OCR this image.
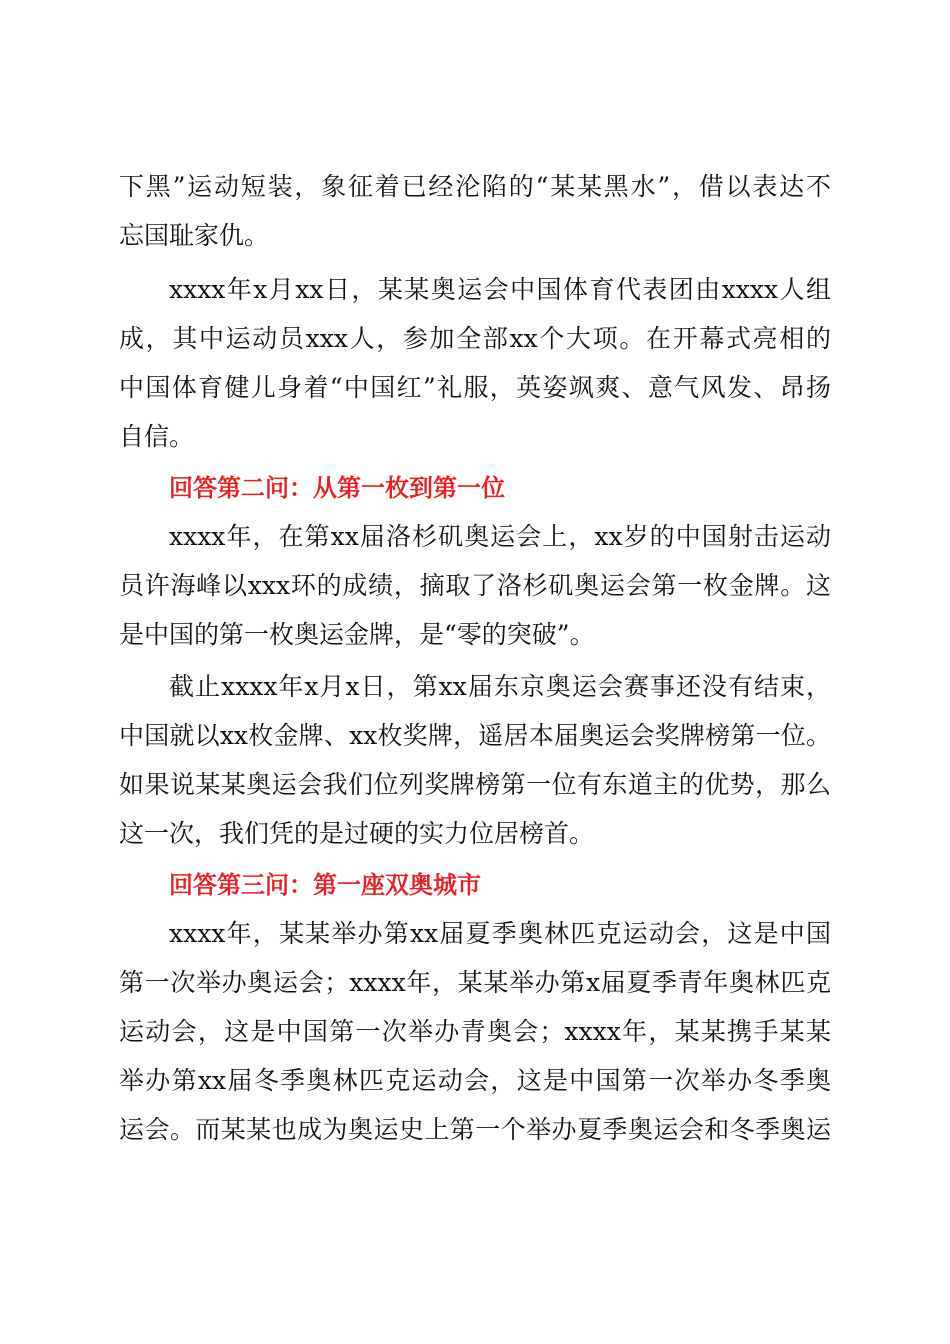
下黑”运动短装，象征着已经沦陷的“某某黑水”，借以表达不
忘国耻家仇。
xxxx年x月xx日，某某奥运会中国体育代表团由xxxx人组
成，其中运动员xxx人，参加全部xx个大项。在开幕式亮相的
中国体育健儿身着“中国红”礼服，英姿飒爽、意气风发、昂扬
自信。
回答第二问：从第一枚到第一位
xxxx年，在第xx届洛杉矶奥运会上，xx岁的中国射击运动
员许海峰以xxx环的成绩，摘取了洛杉矶奥运会第一枚金牌。这
是中国的第一枚奥运金牌，是“零的突破”。
截止xxxx年x月x日，第xx届东京奥运会赛事还没有结束，
中国就以xx枚金牌、xx枚奖牌，遥居本届奥运会奖牌榜第一位。
如果说某某奥运会我们位列奖牌榜第一位有东道主的优势，那么
这一次，我们凭的是过硬的实力位居榜首。
回答第三问：第一座双奥城市
xxxx年，某某举办第xx届夏季奥林匹克运动会，这是中国
第一次举办奥运会；xxxx年，某某举办第x届夏季青年奥林匹克
运动会，这是中国第一次举办青奥会；xxxx年，某某携手某某
举办第xx届冬季奥林匹克运动会，这是中国第一次举办冬季奥
运会。而某某也成为奥运史上第一个举办夏季奥运会和冬季奥运
